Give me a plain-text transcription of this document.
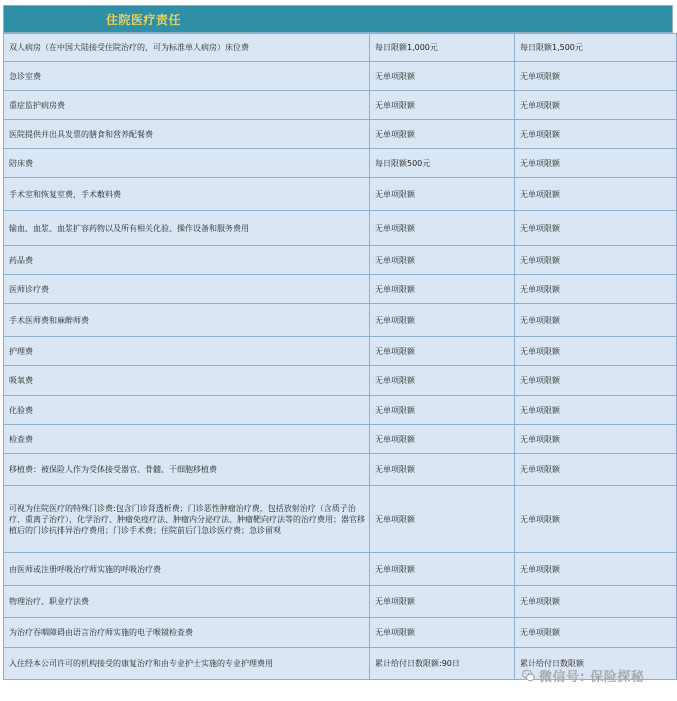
住院医疗责任
双人病房（在中国大陆接受住院治疗的，可为标准单人病房）床位费	每日限额1,000元	每日限额1,500元
急诊室费	无单项限额	无单项限额
重症监护病房费	无单项限额	无单项限额
医院提供并出具发票的膳食和营养配餐费	无单项限额	无单项限额
陪床费	每日限额500元	无单项限额
手术室和恢复室费，手术敷料费	无单项限额	无单项限额
输血、血浆、血浆扩容药物以及所有相关化验、操作设备和服务费用	无单项限额	无单项限额
药品费	无单项限额	无单项限额
医师诊疗费	无单项限额	无单项限额
手术医师费和麻醉师费	无单项限额	无单项限额
护理费	无单项限额	无单项限额
吸氧费	无单项限额	无单项限额
化验费	无单项限额	无单项限额
检查费	无单项限额	无单项限额
移植费：被保险人作为受体接受器官、骨髓、干细胞移植费	无单项限额	无单项限额
可视为住院医疗的特殊门诊费:包含门诊肾透析费；门诊恶性肿瘤治疗费，包括放射治疗（含质子治疗、重离子治疗），化学治疗、肿瘤免疫疗法、肿瘤内分泌疗法、肿瘤靶向疗法等的治疗费用；器官移植后的门诊抗排异治疗费用；门诊手术费；住院前后门急诊医疗费；急诊留观	无单项限额	无单项限额
由医师或注册呼吸治疗师实施的呼吸治疗费	无单项限额	无单项限额
物理治疗、职业疗法费	无单项限额	无单项限额
为治疗吞咽障碍由语言治疗师实施的电子喉镜检查费	无单项限额	无单项限额
入住经本公司许可的机构接受的康复治疗和由专业护士实施的专业护理费用	累计给付日数限额:90日	累计给付日数限额
微信号: 保险探秘
